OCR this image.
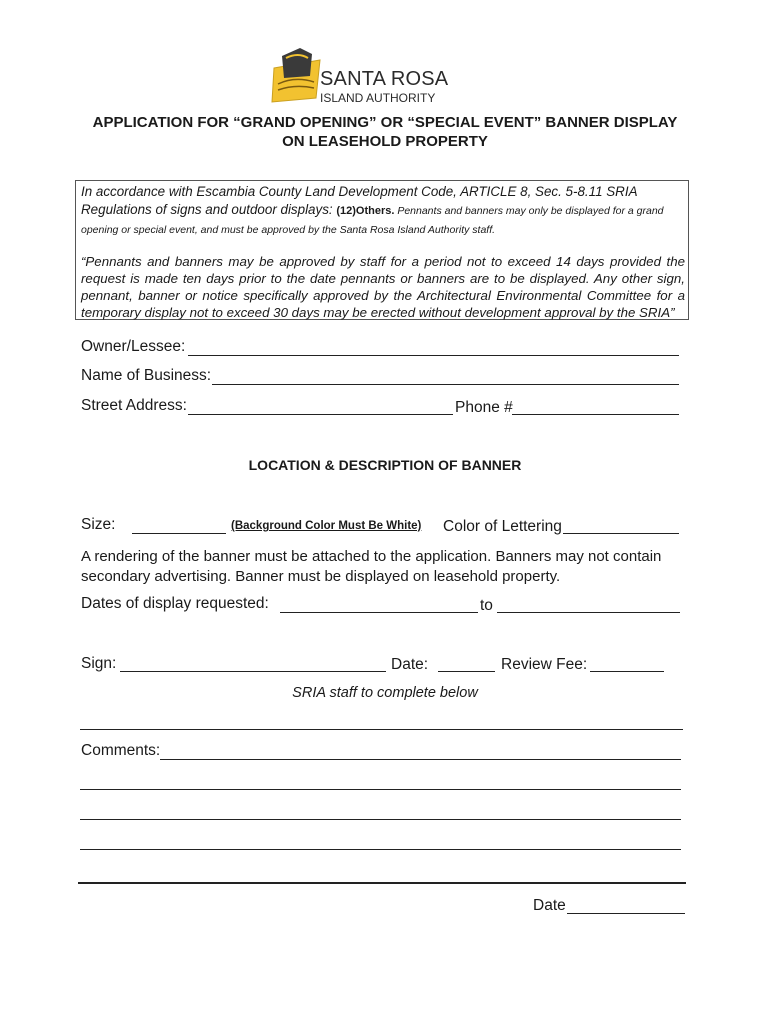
SANTA ROSA
ISLAND AUTHORITY
APPLICATION FOR “GRAND OPENING” OR “SPECIAL EVENT” BANNER DISPLAY
ON LEASEHOLD PROPERTY
In accordance with Escambia County Land Development Code, ARTICLE 8, Sec. 5-8.11 SRIA Regulations of signs and outdoor displays: (12)Others. Pennants and banners may only be displayed for a grand opening or special event, and must be approved by the Santa Rosa Island Authority staff.
“Pennants and banners may be approved by staff for a period not to exceed 14 days provided the request is made ten days prior to the date pennants or banners are to be displayed. Any other sign, pennant, banner or notice specifically approved by the Architectural Environmental Committee for a temporary display not to exceed 30 days may be erected without development approval by the SRIA”
Owner/Lessee:
Name of Business:
Street Address:	Phone #
LOCATION & DESCRIPTION OF BANNER
Size:	(Background Color Must Be White) Color of Lettering
A rendering of the banner must be attached to the application. Banners may not contain secondary advertising. Banner must be displayed on leasehold property.
Dates of display requested:	to
Sign:	Date:	Review Fee:
SRIA staff to complete below
Comments:
Date
